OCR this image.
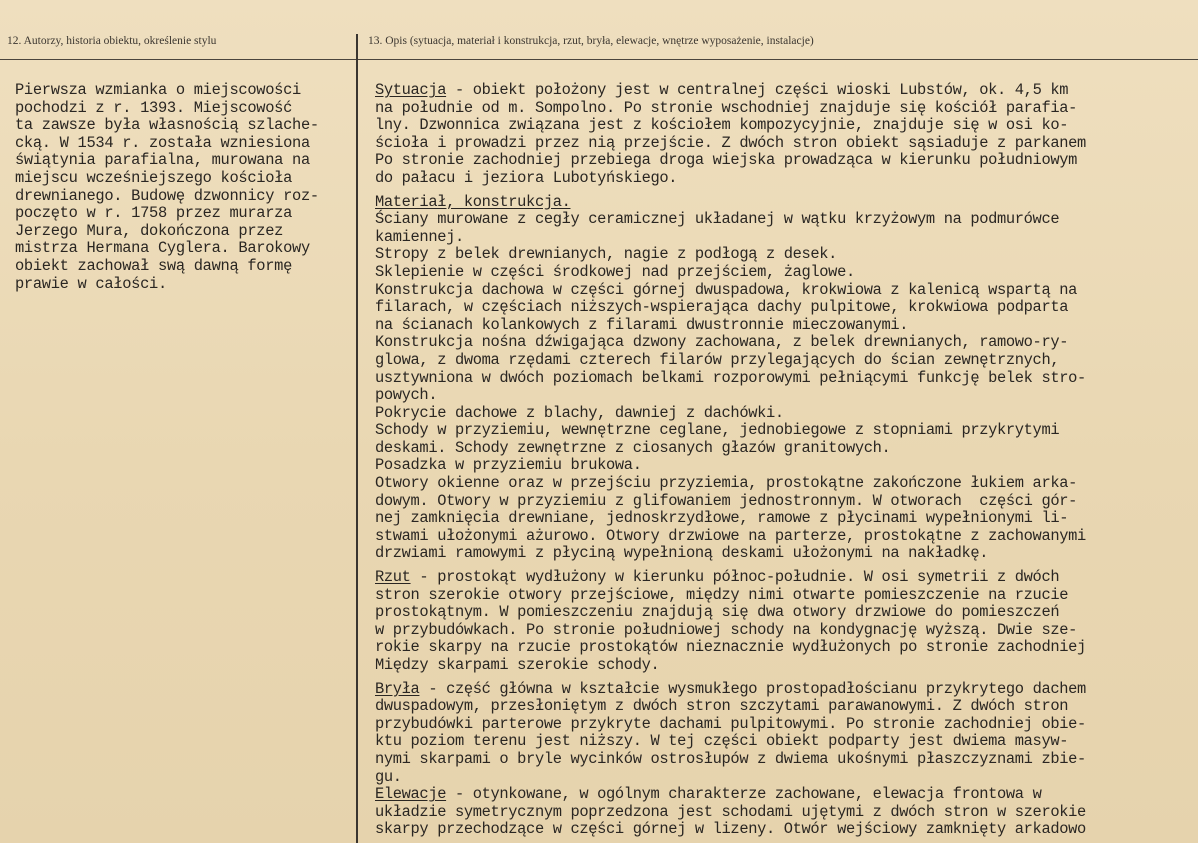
12. Autorzy, historia obiektu, określenie stylu	13. Opis (sytuacja, materiał i konstrukcja, rzut, bryła, elewacje, wnętrze wyposażenie, instalacje)
Pierwsza wzmianka o miejscowości
pochodzi z r. 1393. Miejscowość
ta zawsze była własnością szlache-
cką. W 1534 r. została wzniesiona
świątynia parafialna, murowana na
miejscu wcześniejszego kościoła
drewnianego. Budowę dzwonnicy roz-
poczęto w r. 1758 przez murarza
Jerzego Mura, dokończona przez
mistrza Hermana Cyglera. Barokowy
obiekt zachował swą dawną formę
prawie w całości.
Sytuacja - obiekt położony jest w centralnej części wioski Lubstów, ok. 4,5 km
na południe od m. Sompolno. Po stronie wschodniej znajduje się kościół parafia-
lny. Dzwonnica związana jest z kościołem kompozycyjnie, znajduje się w osi ko-
ścioła i prowadzi przez nią przejście. Z dwóch stron obiekt sąsiaduje z parkanem
Po stronie zachodniej przebiega droga wiejska prowadząca w kierunku południowym
do pałacu i jeziora Lubotyńskiego.
Materiał, konstrukcja.
Ściany murowane z cegły ceramicznej układanej w wątku krzyżowym na podmurówce
kamiennej.
Stropy z belek drewnianych, nagie z podłogą z desek.
Sklepienie w części środkowej nad przejściem, żaglowe.
Konstrukcja dachowa w części górnej dwuspadowa, krokwiowa z kalenicą wspartą na
filarach, w częściach niższych-wspierająca dachy pulpitowe, krokwiowa podparta
na ścianach kolankowych z filarami dwustronnie mieczowanymi.
Konstrukcja nośna dźwigająca dzwony zachowana, z belek drewnianych, ramowo-ry-
glowa, z dwoma rzędami czterech filarów przylegających do ścian zewnętrznych,
usztywniona w dwóch poziomach belkami rozporowymi pełniącymi funkcję belek stro-
powych.
Pokrycie dachowe z blachy, dawniej z dachówki.
Schody w przyziemiu, wewnętrzne ceglane, jednobiegowe z stopniami przykrytymi
deskami. Schody zewnętrzne z ciosanych głazów granitowych.
Posadzka w przyziemiu brukowa.
Otwory okienne oraz w przejściu przyziemia, prostokątne zakończone łukiem arka-
dowym. Otwory w przyziemiu z glifowaniem jednostronnym. W otworach  części gór-
nej zamknięcia drewniane, jednoskrzydłowe, ramowe z płycinami wypełnionymi li-
stwami ułożonymi ażurowo. Otwory drzwiowe na parterze, prostokątne z zachowanymi
drzwiami ramowymi z płyciną wypełnioną deskami ułożonymi na nakładkę.
Rzut - prostokąt wydłużony w kierunku północ-południe. W osi symetrii z dwóch
stron szerokie otwory przejściowe, między nimi otwarte pomieszczenie na rzucie
prostokątnym. W pomieszczeniu znajdują się dwa otwory drzwiowe do pomieszczeń
w przybudówkach. Po stronie południowej schody na kondygnację wyższą. Dwie sze-
rokie skarpy na rzucie prostokątów nieznacznie wydłużonych po stronie zachodniej
Między skarpami szerokie schody.
Bryła - część główna w kształcie wysmukłego prostopadłościanu przykrytego dachem
dwuspadowym, przesłoniętym z dwóch stron szczytami parawanowymi. Z dwóch stron
przybudówki parterowe przykryte dachami pulpitowymi. Po stronie zachodniej obie-
ktu poziom terenu jest niższy. W tej części obiekt podparty jest dwiema masyw-
nymi skarpami o bryle wycinków ostrosłupów z dwiema ukośnymi płaszczyznami zbie-
gu.
Elewacje - otynkowane, w ogólnym charakterze zachowane, elewacja frontowa w
układzie symetrycznym poprzedzona jest schodami ujętymi z dwóch stron w szerokie
skarpy przechodzące w części górnej w lizeny. Otwór wejściowy zamknięty arkadowo
